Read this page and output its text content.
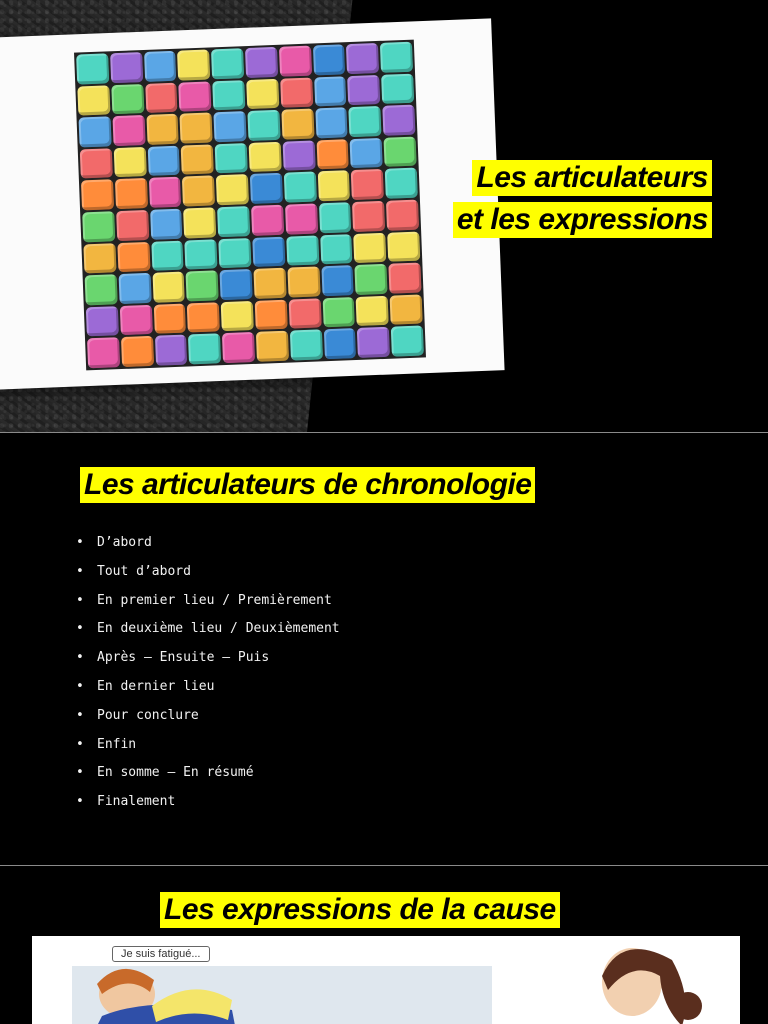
Les articulateurs
et les expressions
Les articulateurs de chronologie
• D’abord
• Tout d’abord
• En premier lieu / Premièrement
• En deuxième lieu / Deuxièmement
• Après – Ensuite – Puis
• En dernier lieu
• Pour conclure
• Enfin
• En somme – En résumé
• Finalement
Les expressions de la cause
Je suis fatigué...
